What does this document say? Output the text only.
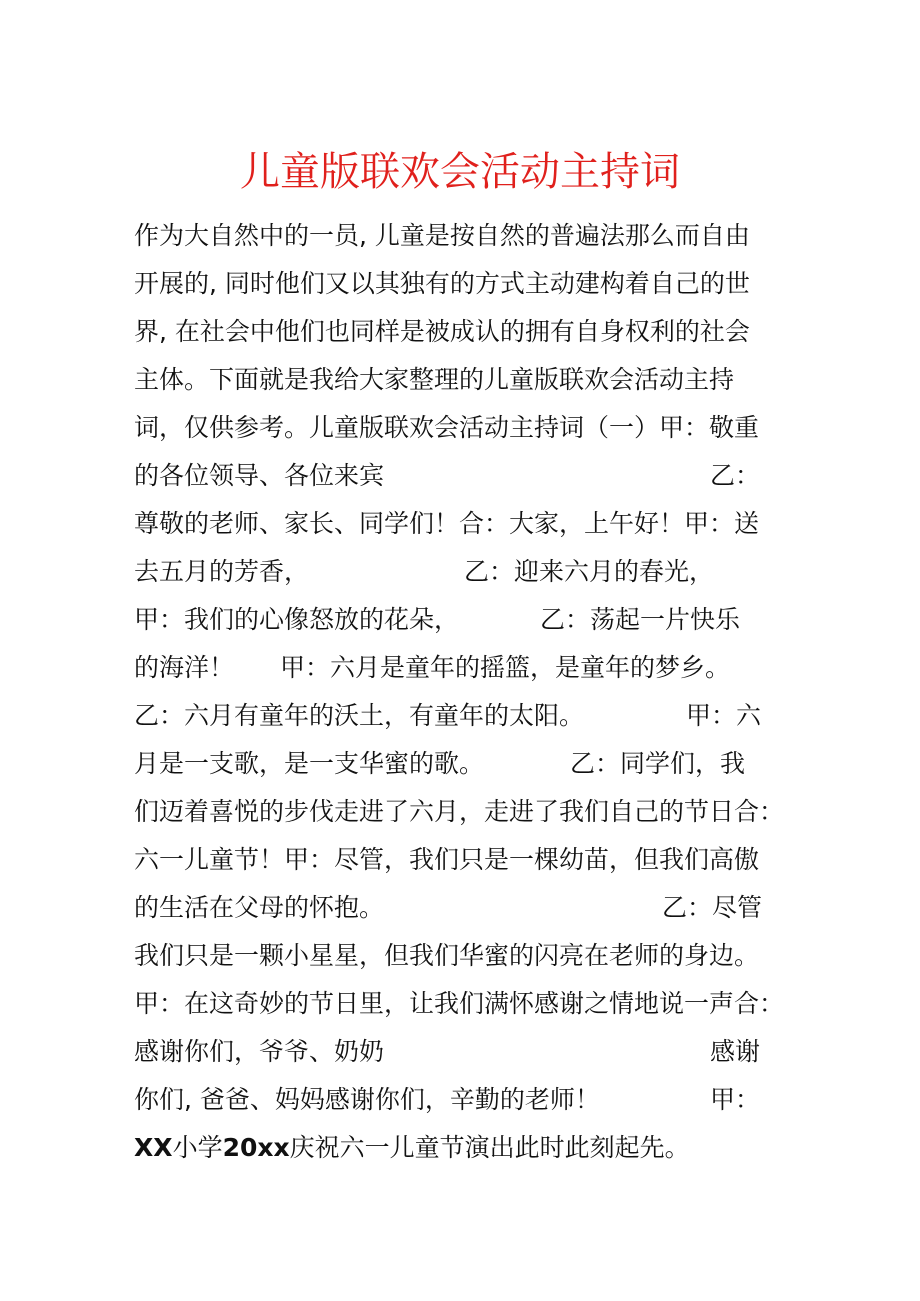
儿童版联欢会活动主持词
作为大自然中的一员, 儿童是按自然的普遍法那么而自由
开展的, 同时他们又以其独有的方式主动建构着自己的世
界, 在社会中他们也同样是被成认的拥有自身权利的社会
主体。下面就是我给大家整理的儿童版联欢会活动主持
词，仅供参考。儿童版联欢会活动主持词（一）甲：敬重
的各位领导、各位来宾	乙：
尊敬的老师、家长、同学们！合：大家，上午好！甲：送
去五月的芳香，	乙：迎来六月的春光，
甲：我们的心像怒放的花朵，	乙：荡起一片快乐
的海洋！ 甲：六月是童年的摇篮，是童年的梦乡。
乙：六月有童年的沃土，有童年的太阳。	甲：六
月是一支歌，是一支华蜜的歌。	乙：同学们，我
们迈着喜悦的步伐走进了六月，走进了我们自己的节日合：
六一儿童节！甲：尽管，我们只是一棵幼苗，但我们高傲
的生活在父母的怀抱。	乙：尽管
我们只是一颗小星星，但我们华蜜的闪亮在老师的身边。
甲：在这奇妙的节日里，让我们满怀感谢之情地说一声合：
感谢你们，爷爷、奶奶	感谢
你们, 爸爸、妈妈感谢你们，辛勤的老师！	甲：
XX小学20xx庆祝六一儿童节演出此时此刻起先。
